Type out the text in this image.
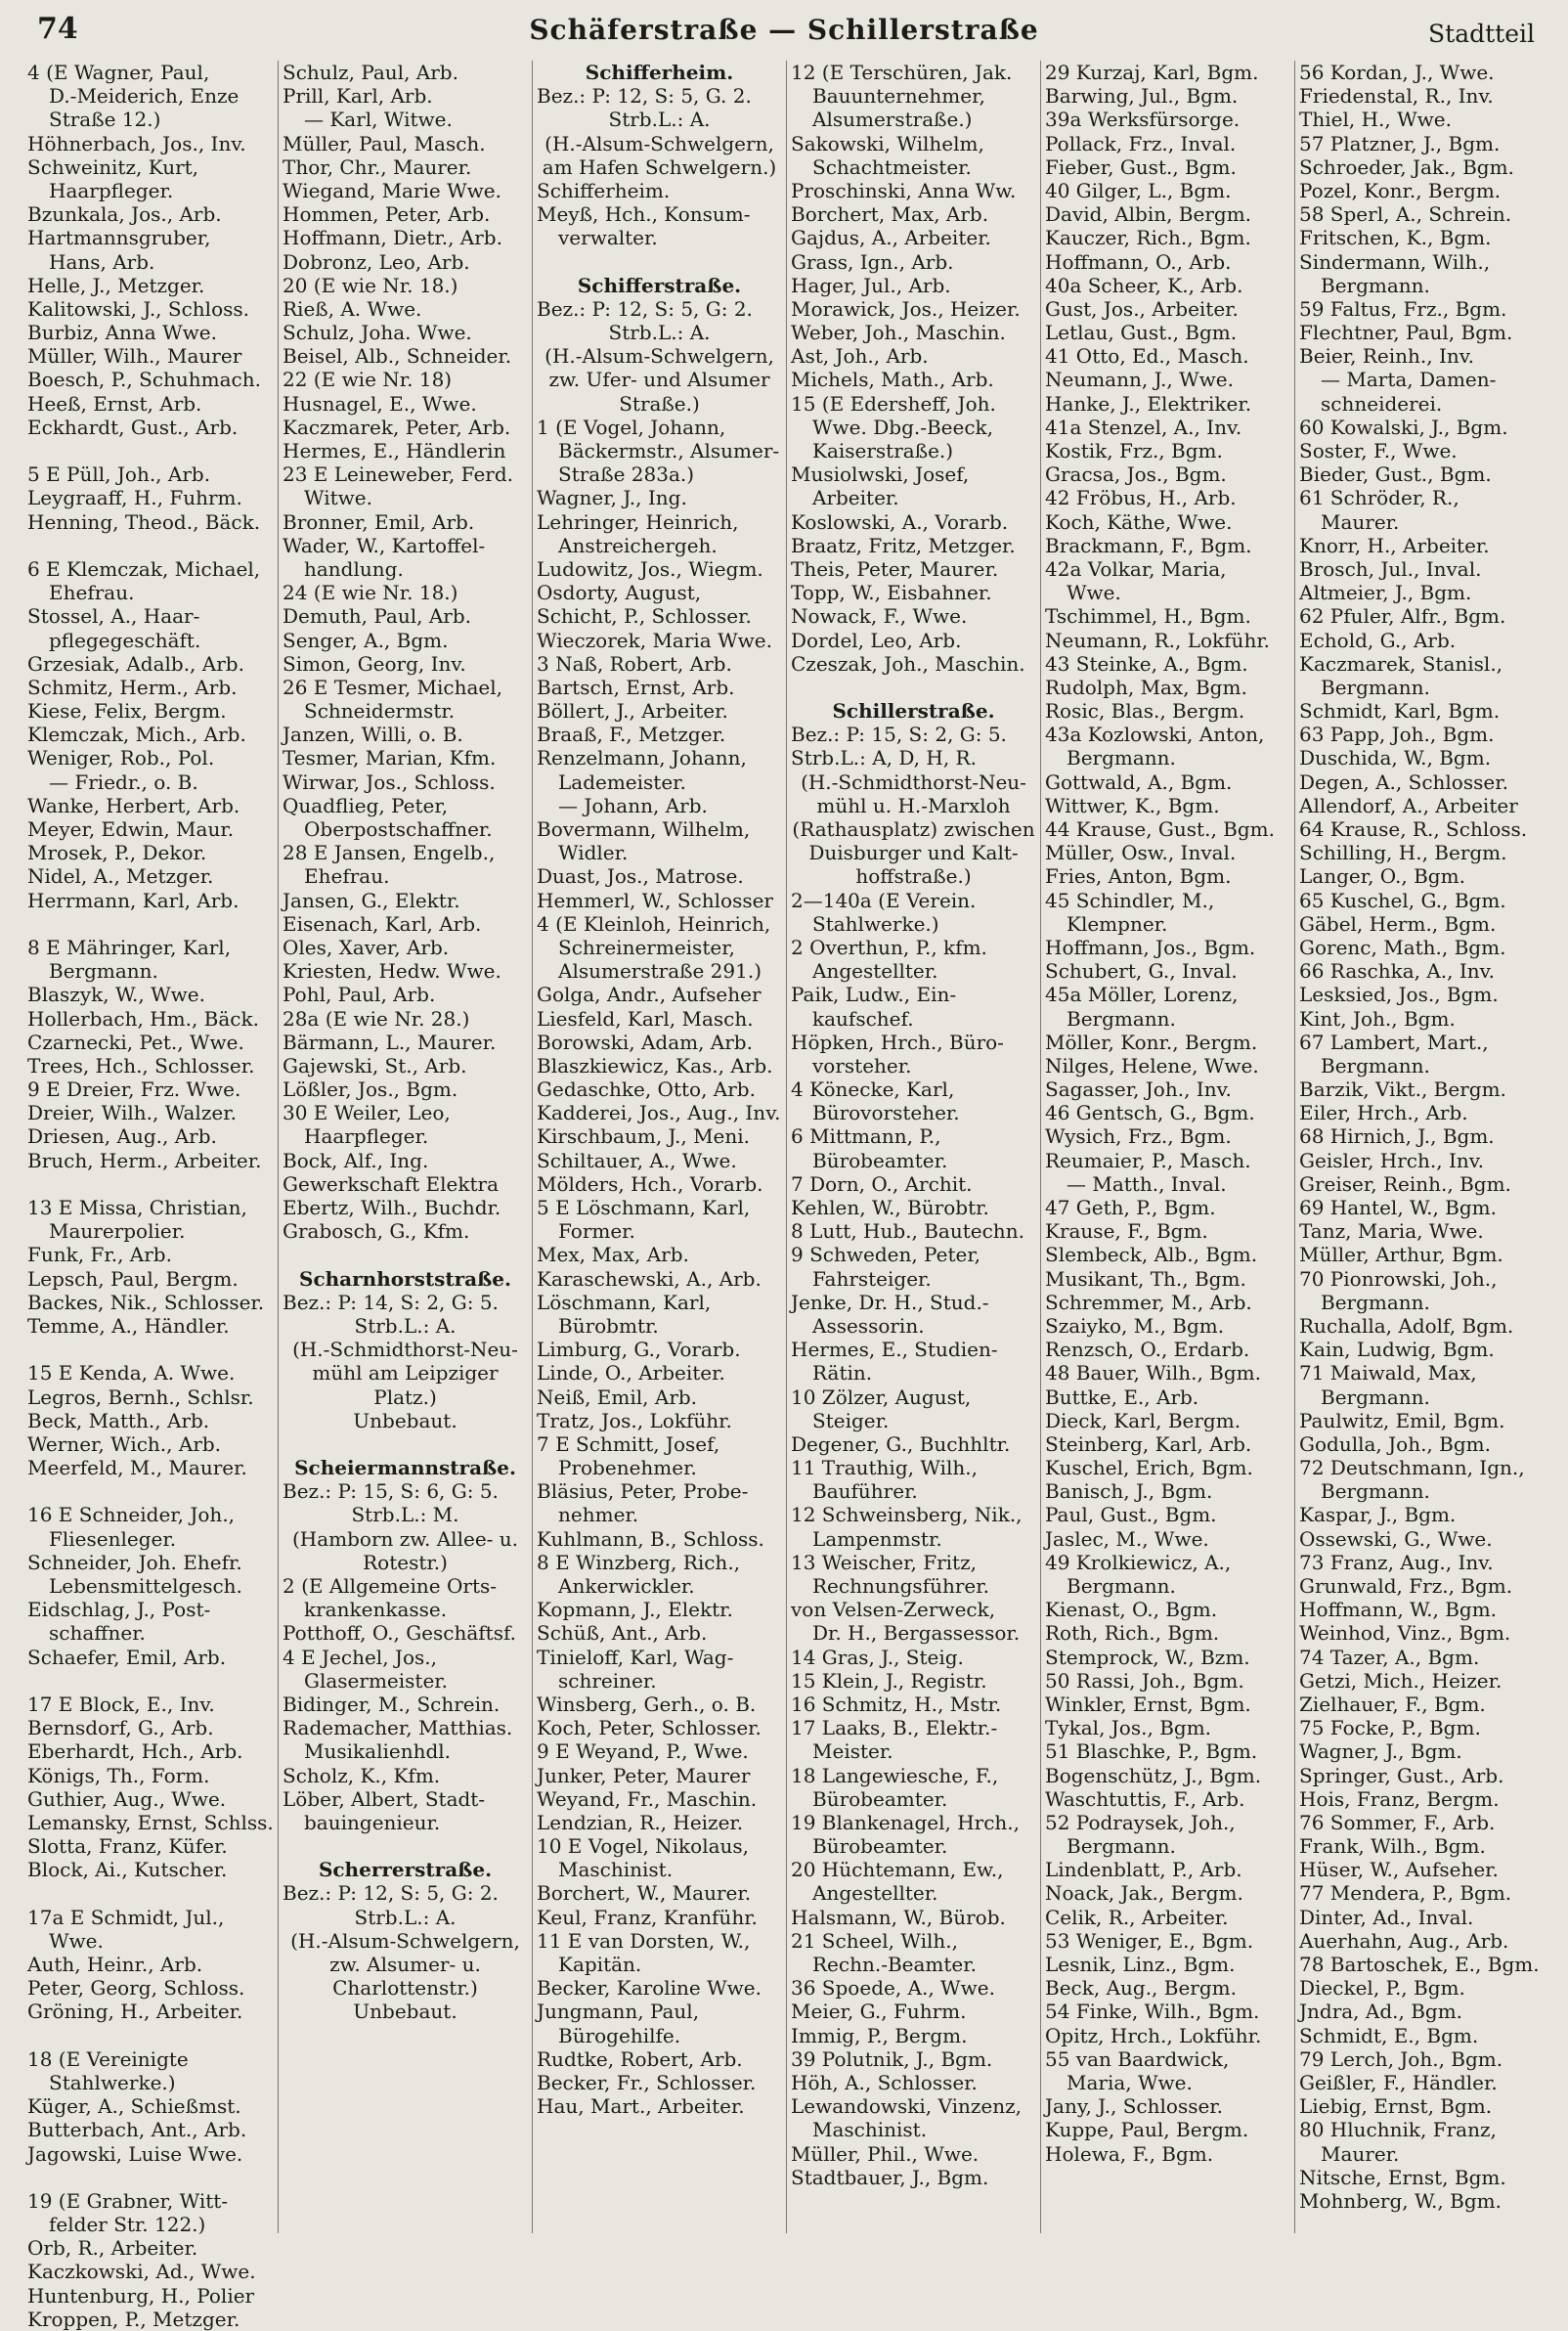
74	Schäferstraße — Schillerstraße	Stadtteil
4 (E Wagner, Paul,
D.-Meiderich, Enze
Straße 12.)
Höhnerbach, Jos., Inv.
Schweinitz, Kurt,
Haarpfleger.
Bzunkala, Jos., Arb.
Hartmannsgruber,
Hans, Arb.
Helle, J., Metzger.
Kalitowski, J., Schloss.
Burbiz, Anna Wwe.
Müller, Wilh., Maurer
Boesch, P., Schuhmach.
Heeß, Ernst, Arb.
Eckhardt, Gust., Arb.
5 E Püll, Joh., Arb.
Leygraaff, H., Fuhrm.
Henning, Theod., Bäck.
6 E Klemczak, Michael,
Ehefrau.
Stossel, A., Haar-
pflegegeschäft.
Grzesiak, Adalb., Arb.
Schmitz, Herm., Arb.
Kiese, Felix, Bergm.
Klemczak, Mich., Arb.
Weniger, Rob., Pol.
— Friedr., o. B.
Wanke, Herbert, Arb.
Meyer, Edwin, Maur.
Mrosek, P., Dekor.
Nidel, A., Metzger.
Herrmann, Karl, Arb.
8 E Mähringer, Karl,
Bergmann.
Blaszyk, W., Wwe.
Hollerbach, Hm., Bäck.
Czarnecki, Pet., Wwe.
Trees, Hch., Schlosser.
9 E Dreier, Frz. Wwe.
Dreier, Wilh., Walzer.
Driesen, Aug., Arb.
Bruch, Herm., Arbeiter.
13 E Missa, Christian,
Maurerpolier.
Funk, Fr., Arb.
Lepsch, Paul, Bergm.
Backes, Nik., Schlosser.
Temme, A., Händler.
15 E Kenda, A. Wwe.
Legros, Bernh., Schlsr.
Beck, Matth., Arb.
Werner, Wich., Arb.
Meerfeld, M., Maurer.
16 E Schneider, Joh.,
Fliesenleger.
Schneider, Joh. Ehefr.
Lebensmittelgesch.
Eidschlag, J., Post-
schaffner.
Schaefer, Emil, Arb.
17 E Block, E., Inv.
Bernsdorf, G., Arb.
Eberhardt, Hch., Arb.
Königs, Th., Form.
Guthier, Aug., Wwe.
Lemansky, Ernst, Schlss.
Slotta, Franz, Küfer.
Block, Ai., Kutscher.
17a E Schmidt, Jul.,
Wwe.
Auth, Heinr., Arb.
Peter, Georg, Schloss.
Gröning, H., Arbeiter.
18 (E Vereinigte
Stahlwerke.)
Küger, A., Schießmst.
Butterbach, Ant., Arb.
Jagowski, Luise Wwe.
19 (E Grabner, Witt-
felder Str. 122.)
Orb, R., Arbeiter.
Kaczkowski, Ad., Wwe.
Huntenburg, H., Polier
Kroppen, P., Metzger.
Schulz, Paul, Arb.
Prill, Karl, Arb.
— Karl, Witwe.
Müller, Paul, Masch.
Thor, Chr., Maurer.
Wiegand, Marie Wwe.
Hommen, Peter, Arb.
Hoffmann, Dietr., Arb.
Dobronz, Leo, Arb.
20 (E wie Nr. 18.)
Rieß, A. Wwe.
Schulz, Joha. Wwe.
Beisel, Alb., Schneider.
22 (E wie Nr. 18)
Husnagel, E., Wwe.
Kaczmarek, Peter, Arb.
Hermes, E., Händlerin
23 E Leineweber, Ferd.
Witwe.
Bronner, Emil, Arb.
Wader, W., Kartoffel-
handlung.
24 (E wie Nr. 18.)
Demuth, Paul, Arb.
Senger, A., Bgm.
Simon, Georg, Inv.
26 E Tesmer, Michael,
Schneidermstr.
Janzen, Willi, o. B.
Tesmer, Marian, Kfm.
Wirwar, Jos., Schloss.
Quadflieg, Peter,
Oberpostschaffner.
28 E Jansen, Engelb.,
Ehefrau.
Jansen, G., Elektr.
Eisenach, Karl, Arb.
Oles, Xaver, Arb.
Kriesten, Hedw. Wwe.
Pohl, Paul, Arb.
28a (E wie Nr. 28.)
Bärmann, L., Maurer.
Gajewski, St., Arb.
Lößler, Jos., Bgm.
30 E Weiler, Leo,
Haarpfleger.
Bock, Alf., Ing.
Gewerkschaft Elektra
Ebertz, Wilh., Buchdr.
Grabosch, G., Kfm.
Scharnhorststraße.
Bez.: P: 14, S: 2, G: 5.
Strb.L.: A.
(H.-Schmidthorst-Neu-
mühl am Leipziger
Platz.)
Unbebaut.
Scheiermannstraße.
Bez.: P: 15, S: 6, G: 5.
Strb.L.: M.
(Hamborn zw. Allee- u.
Rotestr.)
2 (E Allgemeine Orts-
krankenkasse.
Potthoff, O., Geschäftsf.
4 E Jechel, Jos.,
Glasermeister.
Bidinger, M., Schrein.
Rademacher, Matthias.
Musikalienhdl.
Scholz, K., Kfm.
Löber, Albert, Stadt-
bauingenieur.
Scherrerstraße.
Bez.: P: 12, S: 5, G: 2.
Strb.L.: A.
(H.-Alsum-Schwelgern,
zw. Alsumer- u.
Charlottenstr.)
Unbebaut.
Schifferheim.
Bez.: P: 12, S: 5, G. 2.
Strb.L.: A.
(H.-Alsum-Schwelgern,
am Hafen Schwelgern.)
Schifferheim.
Meyß, Hch., Konsum-
verwalter.
Schifferstraße.
Bez.: P: 12, S: 5, G: 2.
Strb.L.: A.
(H.-Alsum-Schwelgern,
zw. Ufer- und Alsumer
Straße.)
1 (E Vogel, Johann,
Bäckermstr., Alsumer-
Straße 283a.)
Wagner, J., Ing.
Lehringer, Heinrich,
Anstreichergeh.
Ludowitz, Jos., Wiegm.
Osdorty, August,
Schicht, P., Schlosser.
Wieczorek, Maria Wwe.
3 Naß, Robert, Arb.
Bartsch, Ernst, Arb.
Böllert, J., Arbeiter.
Braaß, F., Metzger.
Renzelmann, Johann,
Lademeister.
— Johann, Arb.
Bovermann, Wilhelm,
Widler.
Duast, Jos., Matrose.
Hemmerl, W., Schlosser
4 (E Kleinloh, Heinrich,
Schreinermeister,
Alsumerstraße 291.)
Golga, Andr., Aufseher
Liesfeld, Karl, Masch.
Borowski, Adam, Arb.
Blaszkiewicz, Kas., Arb.
Gedaschke, Otto, Arb.
Kadderei, Jos., Aug., Inv.
Kirschbaum, J., Meni.
Schiltauer, A., Wwe.
Mölders, Hch., Vorarb.
5 E Löschmann, Karl,
Former.
Mex, Max, Arb.
Karaschewski, A., Arb.
Löschmann, Karl,
Bürobmtr.
Limburg, G., Vorarb.
Linde, O., Arbeiter.
Neiß, Emil, Arb.
Tratz, Jos., Lokführ.
7 E Schmitt, Josef,
Probenehmer.
Bläsius, Peter, Probe-
nehmer.
Kuhlmann, B., Schloss.
8 E Winzberg, Rich.,
Ankerwickler.
Kopmann, J., Elektr.
Schüß, Ant., Arb.
Tinieloff, Karl, Wag-
schreiner.
Winsberg, Gerh., o. B.
Koch, Peter, Schlosser.
9 E Weyand, P., Wwe.
Junker, Peter, Maurer
Weyand, Fr., Maschin.
Lendzian, R., Heizer.
10 E Vogel, Nikolaus,
Maschinist.
Borchert, W., Maurer.
Keul, Franz, Kranführ.
11 E van Dorsten, W.,
Kapitän.
Becker, Karoline Wwe.
Jungmann, Paul,
Bürogehilfe.
Rudtke, Robert, Arb.
Becker, Fr., Schlosser.
Hau, Mart., Arbeiter.
12 (E Terschüren, Jak.
Bauunternehmer,
Alsumerstraße.)
Sakowski, Wilhelm,
Schachtmeister.
Proschinski, Anna Ww.
Borchert, Max, Arb.
Gajdus, A., Arbeiter.
Grass, Ign., Arb.
Hager, Jul., Arb.
Morawick, Jos., Heizer.
Weber, Joh., Maschin.
Ast, Joh., Arb.
Michels, Math., Arb.
15 (E Edersheff, Joh.
Wwe. Dbg.-Beeck,
Kaiserstraße.)
Musiolwski, Josef,
Arbeiter.
Koslowski, A., Vorarb.
Braatz, Fritz, Metzger.
Theis, Peter, Maurer.
Topp, W., Eisbahner.
Nowack, F., Wwe.
Dordel, Leo, Arb.
Czeszak, Joh., Maschin.
Schillerstraße.
Bez.: P: 15, S: 2, G: 5.
Strb.L.: A, D, H, R.
(H.-Schmidthorst-Neu-
mühl u. H.-Marxloh
(Rathausplatz) zwischen
Duisburger und Kalt-
hoffstraße.)
2—140a (E Verein.
Stahlwerke.)
2 Overthun, P., kfm.
Angestellter.
Paik, Ludw., Ein-
kaufschef.
Höpken, Hrch., Büro-
vorsteher.
4 Könecke, Karl,
Bürovorsteher.
6 Mittmann, P.,
Bürobeamter.
7 Dorn, O., Archit.
Kehlen, W., Bürobtr.
8 Lutt, Hub., Bautechn.
9 Schweden, Peter,
Fahrsteiger.
Jenke, Dr. H., Stud.-
Assessorin.
Hermes, E., Studien-
Rätin.
10 Zölzer, August,
Steiger.
Degener, G., Buchhltr.
11 Trauthig, Wilh.,
Bauführer.
12 Schweinsberg, Nik.,
Lampenmstr.
13 Weischer, Fritz,
Rechnungsführer.
von Velsen-Zerweck,
Dr. H., Bergassessor.
14 Gras, J., Steig.
15 Klein, J., Registr.
16 Schmitz, H., Mstr.
17 Laaks, B., Elektr.-
Meister.
18 Langewiesche, F.,
Bürobeamter.
19 Blankenagel, Hrch.,
Bürobeamter.
20 Hüchtemann, Ew.,
Angestellter.
Halsmann, W., Bürob.
21 Scheel, Wilh.,
Rechn.-Beamter.
36 Spoede, A., Wwe.
Meier, G., Fuhrm.
Immig, P., Bergm.
39 Polutnik, J., Bgm.
Höh, A., Schlosser.
Lewandowski, Vinzenz,
Maschinist.
Müller, Phil., Wwe.
Stadtbauer, J., Bgm.
29 Kurzaj, Karl, Bgm.
Barwing, Jul., Bgm.
39a Werksfürsorge.
Pollack, Frz., Inval.
Fieber, Gust., Bgm.
40 Gilger, L., Bgm.
David, Albin, Bergm.
Kauczer, Rich., Bgm.
Hoffmann, O., Arb.
40a Scheer, K., Arb.
Gust, Jos., Arbeiter.
Letlau, Gust., Bgm.
41 Otto, Ed., Masch.
Neumann, J., Wwe.
Hanke, J., Elektriker.
41a Stenzel, A., Inv.
Kostik, Frz., Bgm.
Gracsa, Jos., Bgm.
42 Fröbus, H., Arb.
Koch, Käthe, Wwe.
Brackmann, F., Bgm.
42a Volkar, Maria,
Wwe.
Tschimmel, H., Bgm.
Neumann, R., Lokführ.
43 Steinke, A., Bgm.
Rudolph, Max, Bgm.
Rosic, Blas., Bergm.
43a Kozlowski, Anton,
Bergmann.
Gottwald, A., Bgm.
Wittwer, K., Bgm.
44 Krause, Gust., Bgm.
Müller, Osw., Inval.
Fries, Anton, Bgm.
45 Schindler, M.,
Klempner.
Hoffmann, Jos., Bgm.
Schubert, G., Inval.
45a Möller, Lorenz,
Bergmann.
Möller, Konr., Bergm.
Nilges, Helene, Wwe.
Sagasser, Joh., Inv.
46 Gentsch, G., Bgm.
Wysich, Frz., Bgm.
Reumaier, P., Masch.
— Matth., Inval.
47 Geth, P., Bgm.
Krause, F., Bgm.
Slembeck, Alb., Bgm.
Musikant, Th., Bgm.
Schremmer, M., Arb.
Szaiyko, M., Bgm.
Renzsch, O., Erdarb.
48 Bauer, Wilh., Bgm.
Buttke, E., Arb.
Dieck, Karl, Bergm.
Steinberg, Karl, Arb.
Kuschel, Erich, Bgm.
Banisch, J., Bgm.
Paul, Gust., Bgm.
Jaslec, M., Wwe.
49 Krolkiewicz, A.,
Bergmann.
Kienast, O., Bgm.
Roth, Rich., Bgm.
Stemprock, W., Bzm.
50 Rassi, Joh., Bgm.
Winkler, Ernst, Bgm.
Tykal, Jos., Bgm.
51 Blaschke, P., Bgm.
Bogenschütz, J., Bgm.
Waschtuttis, F., Arb.
52 Podraysek, Joh.,
Bergmann.
Lindenblatt, P., Arb.
Noack, Jak., Bergm.
Celik, R., Arbeiter.
53 Weniger, E., Bgm.
Lesnik, Linz., Bgm.
Beck, Aug., Bergm.
54 Finke, Wilh., Bgm.
Opitz, Hrch., Lokführ.
55 van Baardwick,
Maria, Wwe.
Jany, J., Schlosser.
Kuppe, Paul, Bergm.
Holewa, F., Bgm.
56 Kordan, J., Wwe.
Friedenstal, R., Inv.
Thiel, H., Wwe.
57 Platzner, J., Bgm.
Schroeder, Jak., Bgm.
Pozel, Konr., Bergm.
58 Sperl, A., Schrein.
Fritschen, K., Bgm.
Sindermann, Wilh.,
Bergmann.
59 Faltus, Frz., Bgm.
Flechtner, Paul, Bgm.
Beier, Reinh., Inv.
— Marta, Damen-
schneiderei.
60 Kowalski, J., Bgm.
Soster, F., Wwe.
Bieder, Gust., Bgm.
61 Schröder, R.,
Maurer.
Knorr, H., Arbeiter.
Brosch, Jul., Inval.
Altmeier, J., Bgm.
62 Pfuler, Alfr., Bgm.
Echold, G., Arb.
Kaczmarek, Stanisl.,
Bergmann.
Schmidt, Karl, Bgm.
63 Papp, Joh., Bgm.
Duschida, W., Bgm.
Degen, A., Schlosser.
Allendorf, A., Arbeiter
64 Krause, R., Schloss.
Schilling, H., Bergm.
Langer, O., Bgm.
65 Kuschel, G., Bgm.
Gäbel, Herm., Bgm.
Gorenc, Math., Bgm.
66 Raschka, A., Inv.
Lesksied, Jos., Bgm.
Kint, Joh., Bgm.
67 Lambert, Mart.,
Bergmann.
Barzik, Vikt., Bergm.
Eiler, Hrch., Arb.
68 Hirnich, J., Bgm.
Geisler, Hrch., Inv.
Greiser, Reinh., Bgm.
69 Hantel, W., Bgm.
Tanz, Maria, Wwe.
Müller, Arthur, Bgm.
70 Pionrowski, Joh.,
Bergmann.
Ruchalla, Adolf, Bgm.
Kain, Ludwig, Bgm.
71 Maiwald, Max,
Bergmann.
Paulwitz, Emil, Bgm.
Godulla, Joh., Bgm.
72 Deutschmann, Ign.,
Bergmann.
Kaspar, J., Bgm.
Ossewski, G., Wwe.
73 Franz, Aug., Inv.
Grunwald, Frz., Bgm.
Hoffmann, W., Bgm.
Weinhod, Vinz., Bgm.
74 Tazer, A., Bgm.
Getzi, Mich., Heizer.
Zielhauer, F., Bgm.
75 Focke, P., Bgm.
Wagner, J., Bgm.
Springer, Gust., Arb.
Hois, Franz, Bergm.
76 Sommer, F., Arb.
Frank, Wilh., Bgm.
Hüser, W., Aufseher.
77 Mendera, P., Bgm.
Dinter, Ad., Inval.
Auerhahn, Aug., Arb.
78 Bartoschek, E., Bgm.
Dieckel, P., Bgm.
Jndra, Ad., Bgm.
Schmidt, E., Bgm.
79 Lerch, Joh., Bgm.
Geißler, F., Händler.
Liebig, Ernst, Bgm.
80 Hluchnik, Franz,
Maurer.
Nitsche, Ernst, Bgm.
Mohnberg, W., Bgm.
